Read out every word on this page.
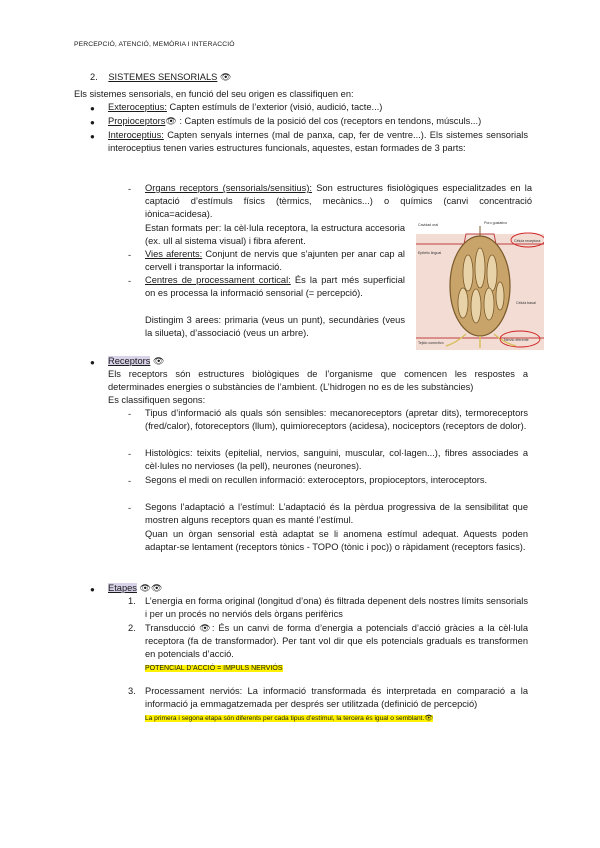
PERCEPCIÓ, ATENCIÓ, MEMÒRIA I INTERACCIÓ
2. SISTEMES SENSORIALS 👁

Els sistemes sensorials, en funció del seu origen es classifiquen en:

● Exteroceptius: Capten estímuls de l’exterior (visió, audició, tacte...)

● Propioceptors👁 : Capten estímuls de la posició del cos (receptors en tendons, músculs...)

● Interoceptius: Capten senyals internes (mal de panxa, cap, fer de ventre...). Els sistemes sensorials interoceptius tenen varies estructures funcionals, aquestes, estan formades de 3 parts:

- Organs receptors (sensorials/sensitius): Son estructures fisiològiques especialitzades en la captació d’estímuls físics (tèrmics, mecànics...) o químics (canvi concentració iònica=acidesa).

Estan formats per: la cèl·lula receptora, la estructura accesoria (ex. ull al sistema visual) i fibra aferent.

- Vies aferents: Conjunt de nervis que s’ajunten per anar cap al cervell i transportar la informació.

- Centres de processament cortical: És la part més superficial on es processa la informació sensorial (= percepció).

Distingim 3 arees: primaria (veus un punt), secundàries (veus la silueta), d’associació (veus un arbre).

Cavidad oral	Poro gustativo
Epitelio lingual
Célula receptora
Célula basal
Tejido conectivo
Nervio eferente
● Receptors 👁

Els receptors són estructures biològiques de l’organisme que comencen les respostes a determinades energies o substàncies de l’ambient. (L’hidrogen no es de les substàncies)

Es classifiquen segons:

- Tipus d’informació als quals són sensibles: mecanoreceptors (apretar dits), termoreceptors (fred/calor), fotoreceptors (llum), quimioreceptors (acidesa), nociceptors (receptors de dolor).

- Histològics: teixits (epitelial, nervios, sanguini, muscular, col·lagen...), fibres associades a cèl·lules no nervioses (la pell), neurones (neurones).

- Segons el medi on recullen informació: exteroceptors, propioceptors, interoceptors.

- Segons l’adaptació a l’estímul: L’adaptació és la pèrdua progressiva de la sensibilitat que mostren alguns receptors quan es manté l’estímul.

Quan un òrgan sensorial està adaptat se li anomena estímul adequat. Aquests poden adaptar-se lentament (receptors tònics - TOPO (tònic i poc)) o ràpidament (receptors fasics).

● Etapes 👁👁
1. L’energia en forma original (longitud d’ona) és filtrada depenent dels nostres límits sensorials i per un procés no nerviós dels òrgans perifèrics

2. Transducció 👁: És un canvi de forma d’energia a potencials d’acció gràcies a la cèl·lula receptora (fa de transformador). Per tant vol dir que els potencials graduals es transformen en potencials d’acció.

POTENCIAL D’ACCIÓ = IMPULS NERVIÓS
3. Processament nerviós: La informació transformada és interpretada en comparació a la informació ja emmagatzemada per després ser utilitzada (definició de percepció)

La primera i segona etapa són diferents per cada tipus d’estímul, la tercera és igual o semblant.👁
